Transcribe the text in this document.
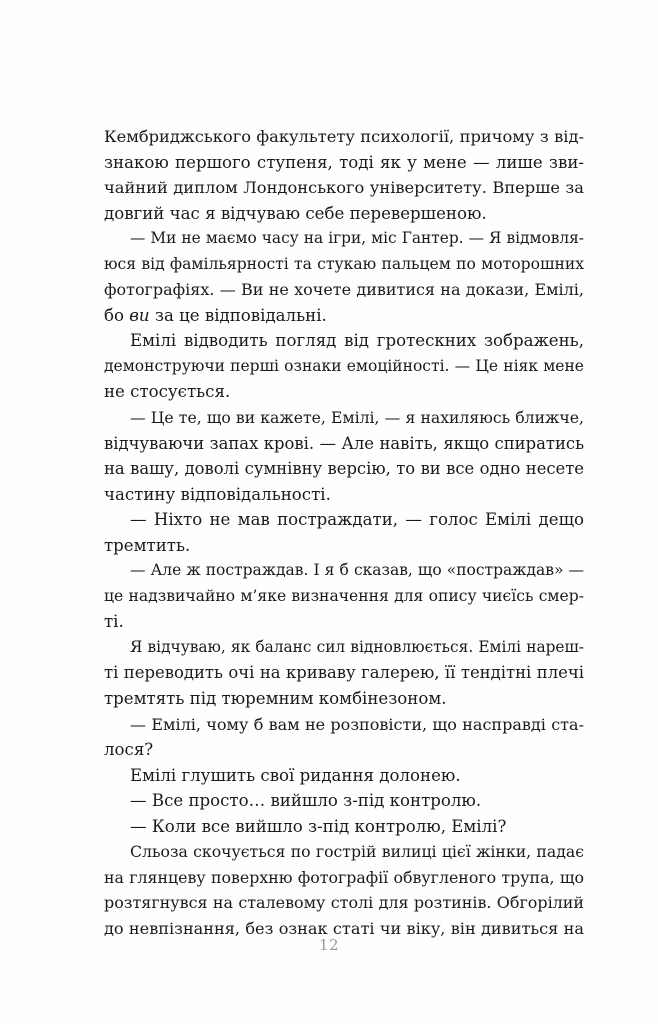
Кембриджського факультету психології, причому з від-
знакою першого ступеня, тоді як у мене — лише зви-
чайний диплом Лондонського університету. Вперше за
довгий час я відчуваю себе перевершеною.
— Ми не маємо часу на ігри, міс Гантер. — Я відмовля-
юся від фамільярності та стукаю пальцем по моторошних
фотографіях. — Ви не хочете дивитися на докази, Емілі,
бо ви за це відповідальні.
Емілі відводить погляд від гротескних зображень,
демонструючи перші ознаки емоційності. — Це ніяк мене
не стосується.
— Це те, що ви кажете, Емілі, — я нахиляюсь ближче,
відчуваючи запах крові. — Але навіть, якщо спиратись
на вашу, доволі сумнівну версію, то ви все одно несете
частину відповідальності.
— Ніхто не мав постраждати, — голос Емілі дещо
тремтить.
— Але ж постраждав. І я б сказав, що «постраждав» —
це надзвичайно м’яке визначення для опису чиєїсь смер-
ті.
Я відчуваю, як баланс сил відновлюється. Емілі нареш-
ті переводить очі на криваву галерею, її тендітні плечі
тремтять під тюремним комбінезоном.
— Емілі, чому б вам не розповісти, що насправді ста-
лося?
Емілі глушить свої ридання долонею.
— Все просто… вийшло з-під контролю.
— Коли все вийшло з-під контролю, Емілі?
Сльоза скочується по гострій вилиці цієї жінки, падає
на глянцеву поверхню фотографії обвугленого трупа, що
розтягнувся на сталевому столі для розтинів. Обгорілий
до невпізнання, без ознак статі чи віку, він дивиться на
12
